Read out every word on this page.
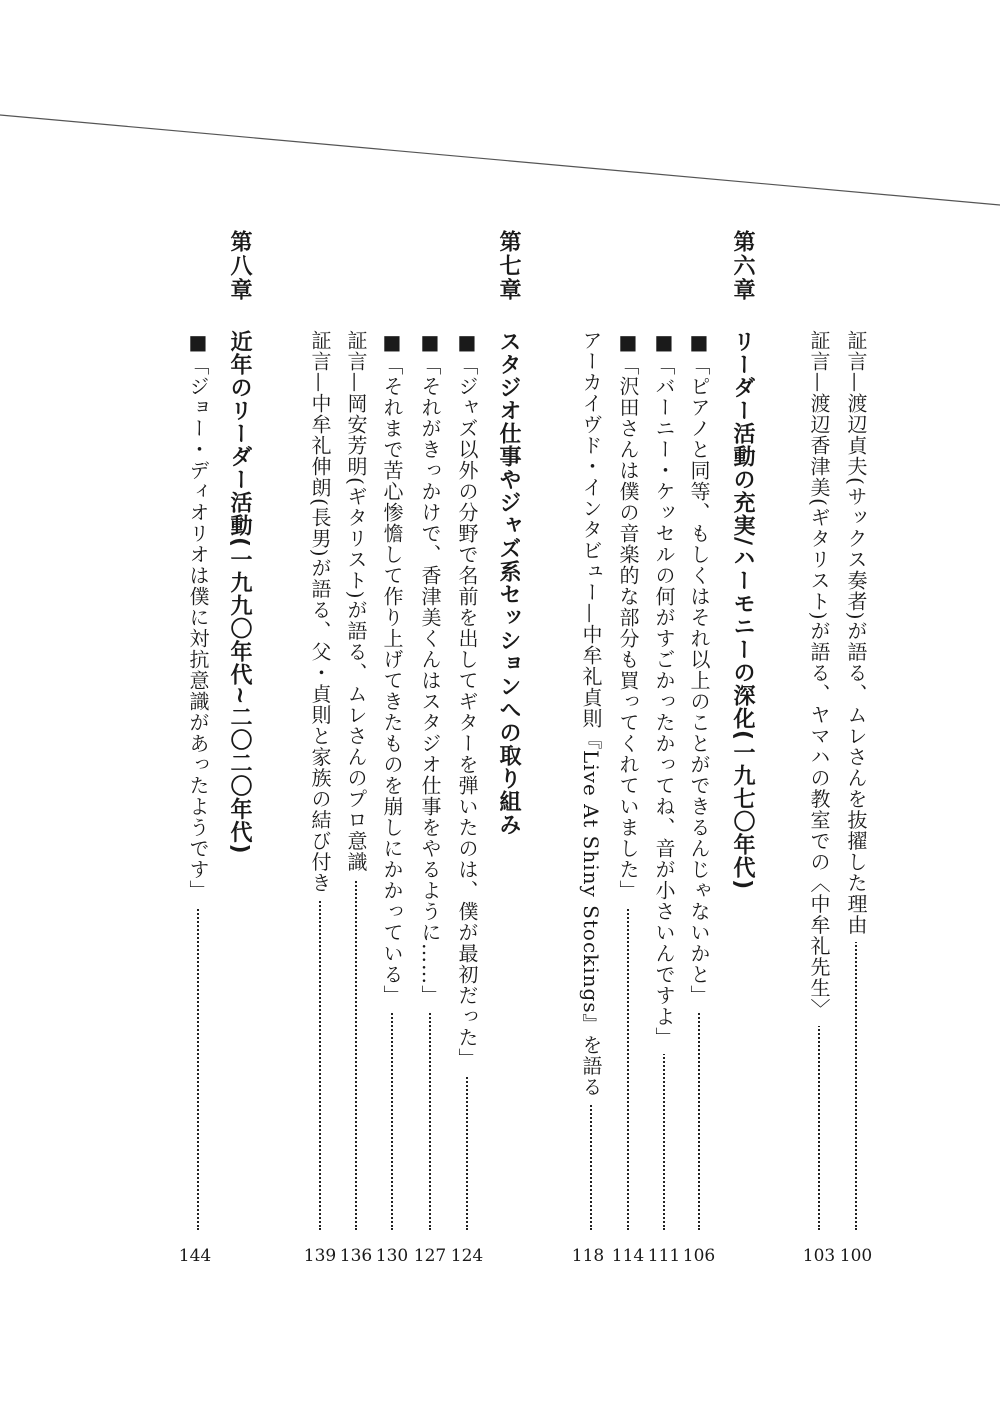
第六章
リーダー活動の充実/ハーモニーの深化(一九七〇年代)	証言—渡辺貞夫(サックス奏者)が語る、ムレさんを抜擢した理由
100
証言—渡辺香津美(ギタリスト)が語る、ヤマハの教室での〈中牟礼先生〉
103
■「ピアノと同等、もしくはそれ以上のことができるんじゃないかと」
106
■「バーニー・ケッセルの何がすごかったかってね、音が小さいんですよ」
111
■「沢田さんは僕の音楽的な部分も買ってくれていました」
114
アーカイヴド・インタビュー—中牟礼貞則『Live At Shiny Stockings』を語る
118
第七章
スタジオ仕事やジャズ系セッションへの取り組み
■「ジャズ以外の分野で名前を出してギターを弾いたのは、僕が最初だった」
124
■「それがきっかけで、香津美くんはスタジオ仕事をやるように……」
127
■「それまで苦心惨憺して作り上げてきたものを崩しにかかっている」
130
証言—岡安芳明(ギタリスト)が語る、ムレさんのプロ意識
136
証言—中牟礼伸朗(長男)が語る、父・貞則と家族の結び付き
139
第八章
近年のリーダー活動(一九九〇年代~二〇二〇年代)
■「ジョー・ディオリオは僕に対抗意識があったようです」
144
